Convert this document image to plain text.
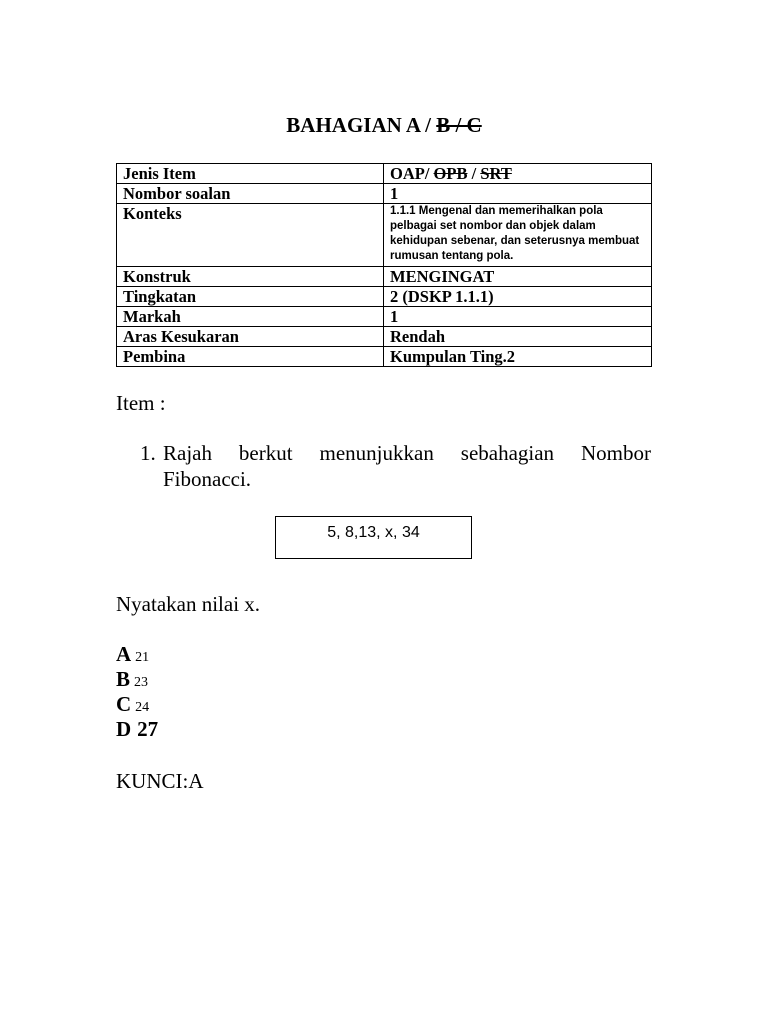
BAHAGIAN A / B / C
Jenis Item	OAP/ OPB / SRT
Nombor soalan	1
Konteks	1.1.1 Mengenal dan memerihalkan pola pelbagai set nombor dan objek dalam kehidupan sebenar, dan seterusnya membuat rumusan tentang pola.
Konstruk	MENGINGAT
Tingkatan	2 (DSKP 1.1.1)
Markah	1
Aras Kesukaran	Rendah
Pembina	Kumpulan Ting.2
Item :
1. Rajah berkut menunjukkan sebahagian Nombor Fibonacci.
5, 8,13, x, 34
Nyatakan nilai x.
A 21
B 23
C 24
D 27
KUNCI:A
